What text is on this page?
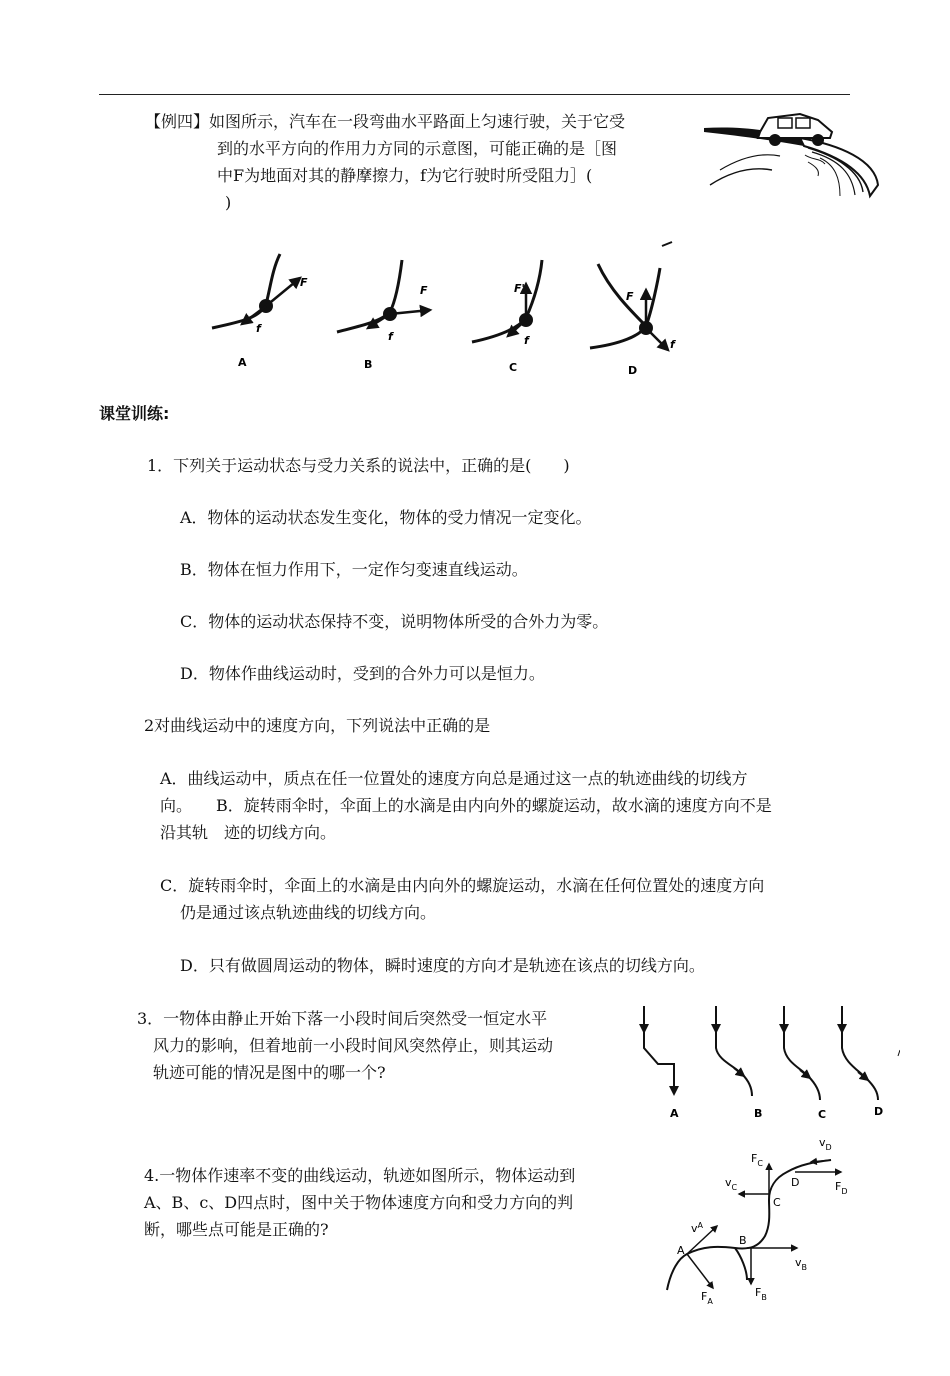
【例四】如图所示，汽车在一段弯曲水平路面上匀速行驶，关于它受
到的水平方向的作用力方同的示意图，可能正确的是［图
中F为地面对其的静摩擦力，f为它行驶时所受阻力］(
)
F
f
A
F
f
B
F'
f
C
F
f
D
课堂训练:
1．下列关于运动状态与受力关系的说法中，正确的是(　　)
A．物体的运动状态发生变化，物体的受力情况一定变化。
B．物体在恒力作用下，一定作匀变速直线运动。
C．物体的运动状态保持不变，说明物体所受的合外力为零。
D．物体作曲线运动时，受到的合外力可以是恒力。
2对曲线运动中的速度方向，下列说法中正确的是
A．曲线运动中，质点在任一位置处的速度方向总是通过这一点的轨迹曲线的切线方
向。　　B．旋转雨伞时，伞面上的水滴是由内向外的螺旋运动，故水滴的速度方向不是
沿其轨　迹的切线方向。
C．旋转雨伞时，伞面上的水滴是由内向外的螺旋运动，水滴在任何位置处的速度方向
仍是通过该点轨迹曲线的切线方向。
D．只有做圆周运动的物体，瞬时速度的方向才是轨迹在该点的切线方向。
3．一物体由静止开始下落一小段时间后突然受一恒定水平
风力的影响，但着地前一小段时间风突然停止，则其运动
轨迹可能的情况是图中的哪一个?
A	B	C	D
4.一物体作速率不变的曲线运动，轨迹如图所示，物体运动到
A、B、c、D四点时，图中关于物体速度方向和受力方向的判
断，哪些点可能是正确的?
A
B
C
D
$v^A$
$F_A$
$v_B$
$F_B$
$v_C$
$F_C$
$v_D$
$F_D$
